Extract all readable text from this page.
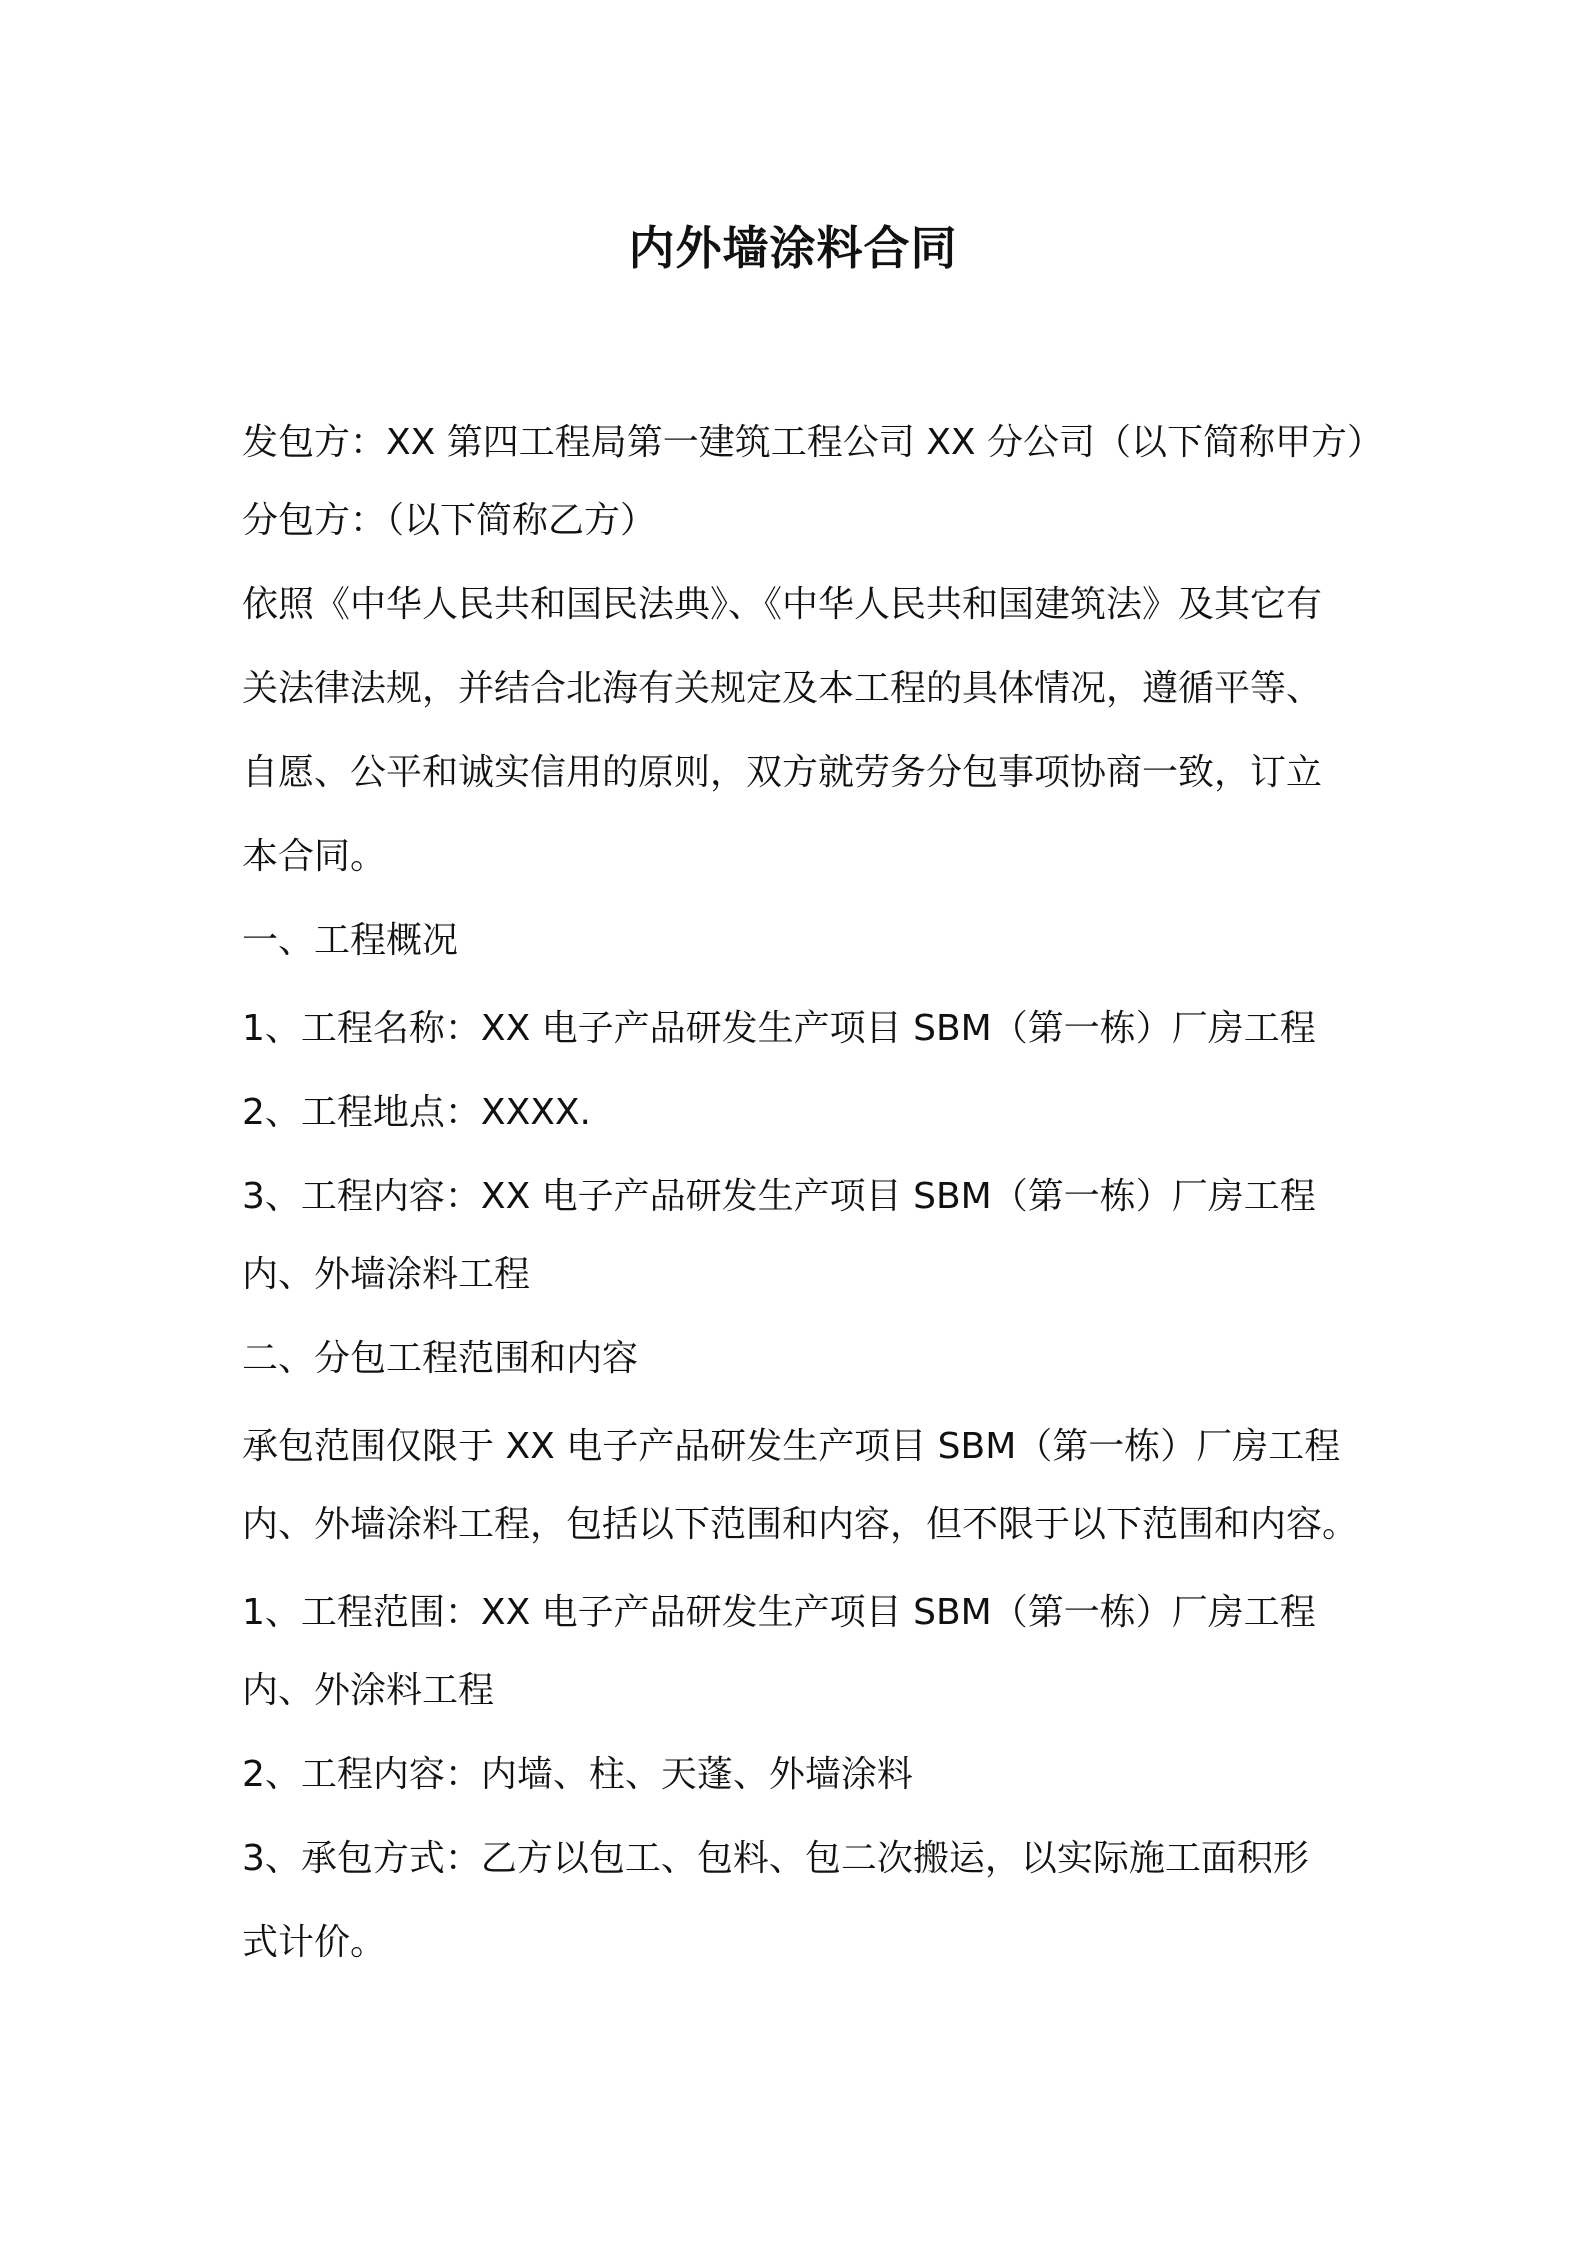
内外墙涂料合同
发包方：XX 第四工程局第一建筑工程公司 XX 分公司（以下简称甲方）
分包方：（以下简称乙方）
依照《中华人民共和国民法典》、《中华人民共和国建筑法》及其它有
关法律法规，并结合北海有关规定及本工程的具体情况，遵循平等、
自愿、公平和诚实信用的原则，双方就劳务分包事项协商一致，订立
本合同。
一、工程概况
1、工程名称：XX 电子产品研发生产项目 SBM（第一栋）厂房工程
2、工程地点：XXXX.
3、工程内容：XX 电子产品研发生产项目 SBM（第一栋）厂房工程
内、外墙涂料工程
二、分包工程范围和内容
承包范围仅限于 XX 电子产品研发生产项目 SBM（第一栋）厂房工程
内、外墙涂料工程，包括以下范围和内容，但不限于以下范围和内容。
1、工程范围：XX 电子产品研发生产项目 SBM（第一栋）厂房工程
内、外涂料工程
2、工程内容：内墙、柱、天蓬、外墙涂料
3、承包方式：乙方以包工、包料、包二次搬运，以实际施工面积形
式计价。
